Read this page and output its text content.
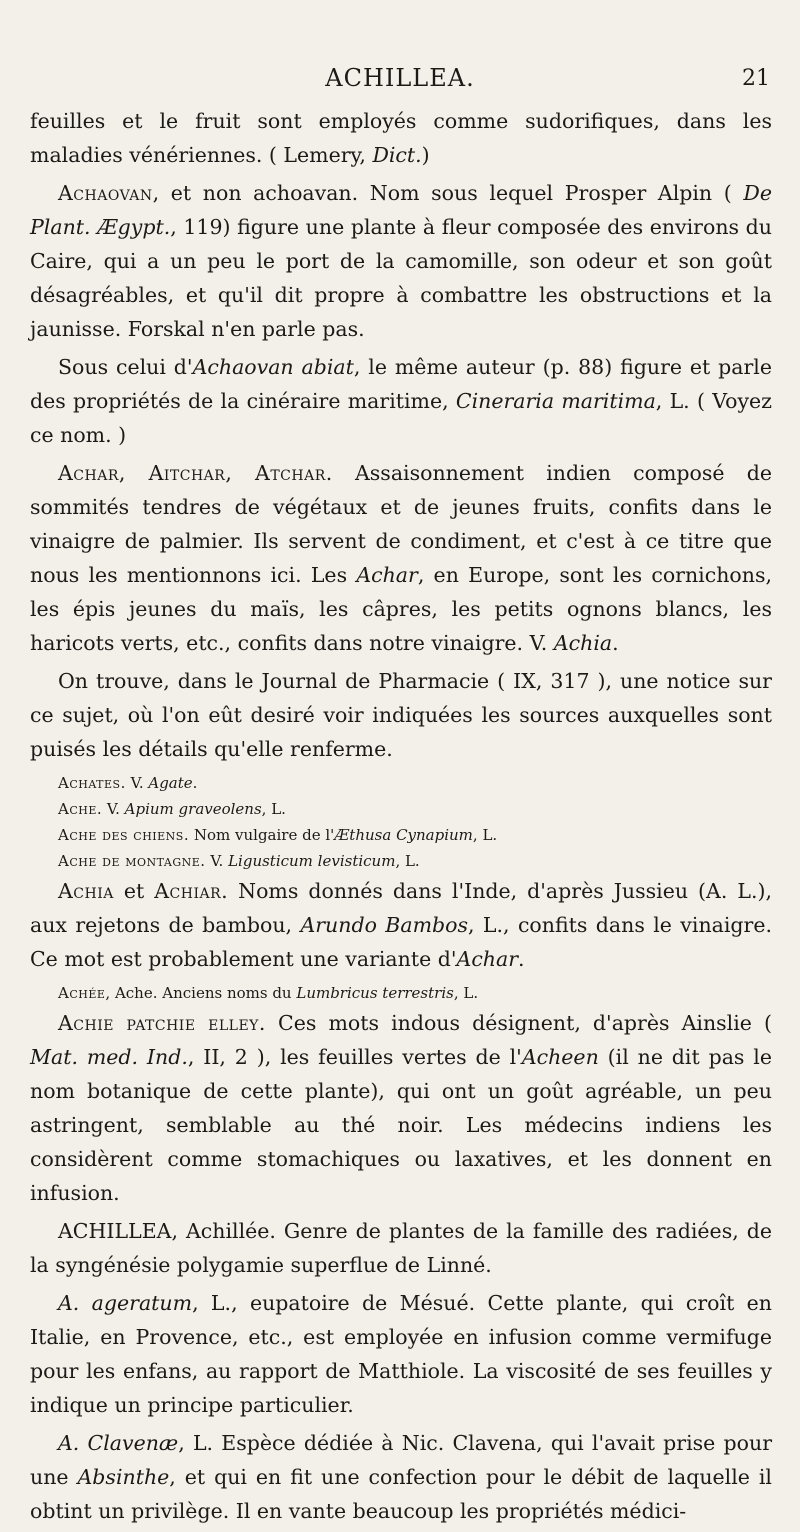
ACHILLEA.	21

feuilles et le fruit sont employés comme sudorifiques, dans les maladies vénériennes. ( Lemery, Dict.)

Achaovan, et non achoavan. Nom sous lequel Prosper Alpin ( De Plant. Ægypt., 119) figure une plante à fleur composée des environs du Caire, qui a un peu le port de la camomille, son odeur et son goût désagréables, et qu'il dit propre à combattre les obstructions et la jaunisse. Forskal n'en parle pas.

Sous celui d'Achaovan abiat, le même auteur (p. 88) figure et parle des propriétés de la cinéraire maritime, Cineraria maritima, L. ( Voyez ce nom. )

Achar, Aitchar, Atchar. Assaisonnement indien composé de sommités tendres de végétaux et de jeunes fruits, confits dans le vinaigre de palmier. Ils servent de condiment, et c'est à ce titre que nous les mentionnons ici. Les Achar, en Europe, sont les cornichons, les épis jeunes du maïs, les câpres, les petits ognons blancs, les haricots verts, etc., confits dans notre vinaigre. V. Achia.

On trouve, dans le Journal de Pharmacie ( IX, 317 ), une notice sur ce sujet, où l'on eût desiré voir indiquées les sources auxquelles sont puisés les détails qu'elle renferme.

Achates. V. Agate.

Ache. V. Apium graveolens, L.

Ache des chiens. Nom vulgaire de l'Æthusa Cynapium, L.

Ache de montagne. V. Ligusticum levisticum, L.

Achia et Achiar. Noms donnés dans l'Inde, d'après Jussieu (A. L.), aux rejetons de bambou, Arundo Bambos, L., confits dans le vinaigre. Ce mot est probablement une variante d'Achar.

Achée, Ache. Anciens noms du Lumbricus terrestris, L.

Achie patchie elley. Ces mots indous désignent, d'après Ainslie ( Mat. med. Ind., II, 2 ), les feuilles vertes de l'Acheen (il ne dit pas le nom botanique de cette plante), qui ont un goût agréable, un peu astringent, semblable au thé noir. Les médecins indiens les considèrent comme stomachiques ou laxatives, et les donnent en infusion.

ACHILLEA, Achillée. Genre de plantes de la famille des radiées, de la syngénésie polygamie superflue de Linné.

A. ageratum, L., eupatoire de Mésué. Cette plante, qui croît en Italie, en Provence, etc., est employée en infusion comme vermifuge pour les enfans, au rapport de Matthiole. La viscosité de ses feuilles y indique un principe particulier.

A. Clavenæ, L. Espèce dédiée à Nic. Clavena, qui l'avait prise pour une Absinthe, et qui en fit une confection pour le débit de laquelle il obtint un privilège. Il en vante beaucoup les propriétés médici-
